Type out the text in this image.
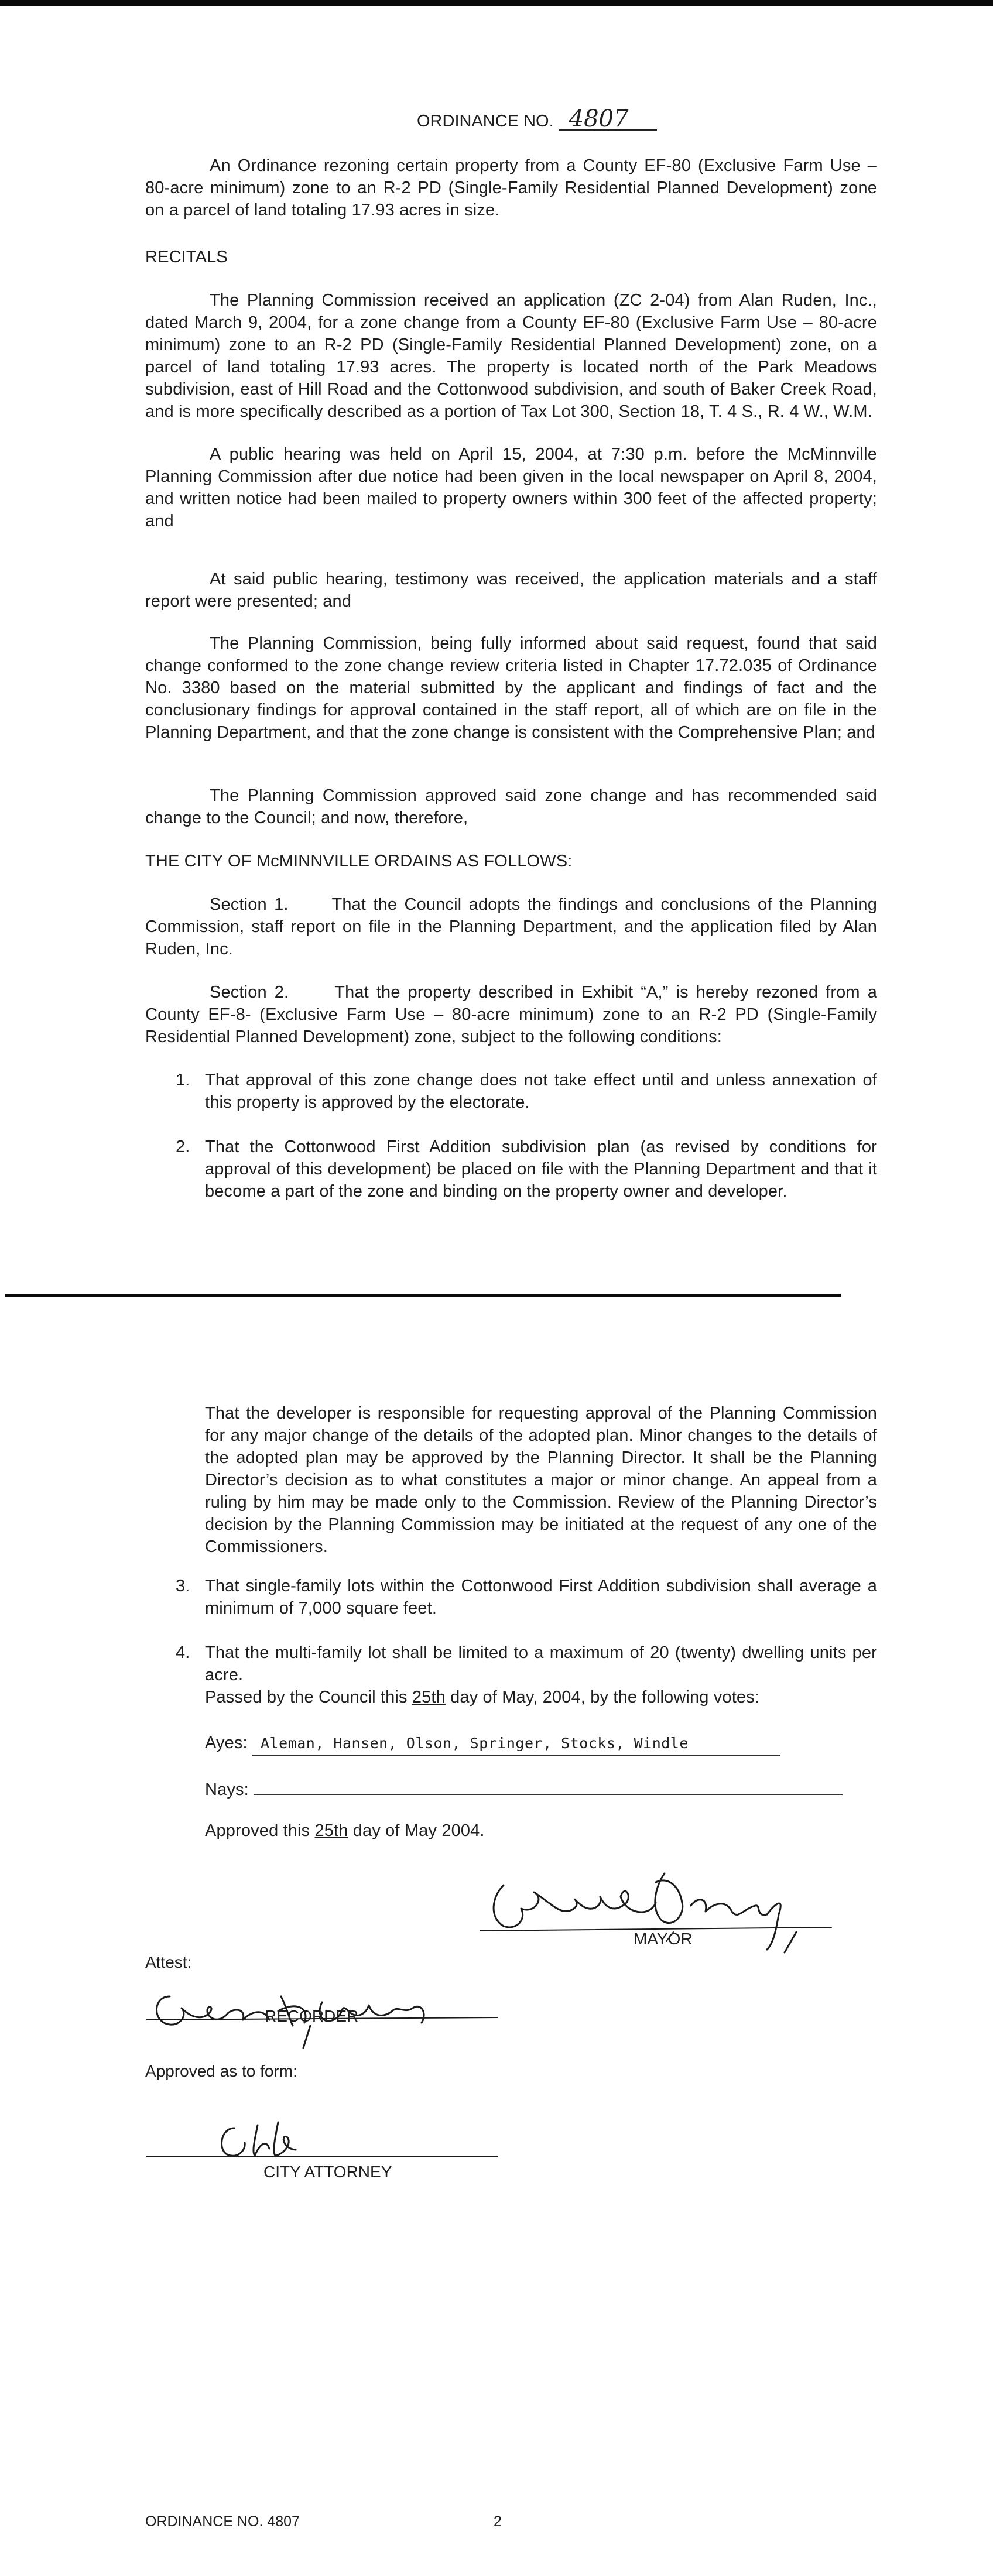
ORDINANCE NO. 4807

An Ordinance rezoning certain property from a County EF-80 (Exclusive Farm Use – 80-acre minimum) zone to an R-2 PD (Single-Family Residential Planned Development) zone on a parcel of land totaling 17.93 acres in size.

RECITALS

The Planning Commission received an application (ZC 2-04) from Alan Ruden, Inc., dated March 9, 2004, for a zone change from a County EF-80 (Exclusive Farm Use – 80-acre minimum) zone to an R-2 PD (Single-Family Residential Planned Development) zone, on a parcel of land totaling 17.93 acres. The property is located north of the Park Meadows subdivision, east of Hill Road and the Cottonwood subdivision, and south of Baker Creek Road, and is more specifically described as a portion of Tax Lot 300, Section 18, T. 4 S., R. 4 W., W.M.

A public hearing was held on April 15, 2004, at 7:30 p.m. before the McMinnville Planning Commission after due notice had been given in the local newspaper on April 8, 2004, and written notice had been mailed to property owners within 300 feet of the affected property; and

At said public hearing, testimony was received, the application materials and a staff report were presented; and

The Planning Commission, being fully informed about said request, found that said change conformed to the zone change review criteria listed in Chapter 17.72.035 of Ordinance No. 3380 based on the material submitted by the applicant and findings of fact and the conclusionary findings for approval contained in the staff report, all of which are on file in the Planning Department, and that the zone change is consistent with the Comprehensive Plan; and

The Planning Commission approved said zone change and has recommended said change to the Council; and now, therefore,

THE CITY OF McMINNVILLE ORDAINS AS FOLLOWS:

Section 1.	That the Council adopts the findings and conclusions of the Planning Commission, staff report on file in the Planning Department, and the application filed by Alan Ruden, Inc.

Section 2.	That the property described in Exhibit “A,” is hereby rezoned from a County EF-8- (Exclusive Farm Use – 80-acre minimum) zone to an R-2 PD (Single-Family Residential Planned Development) zone, subject to the following conditions:

1. That approval of this zone change does not take effect until and unless annexation of this property is approved by the electorate.
2. That the Cottonwood First Addition subdivision plan (as revised by conditions for approval of this development) be placed on file with the Planning Department and that it become a part of the zone and binding on the property owner and developer.

That the developer is responsible for requesting approval of the Planning Commission for any major change of the details of the adopted plan. Minor changes to the details of the adopted plan may be approved by the Planning Director. It shall be the Planning Director’s decision as to what constitutes a major or minor change. An appeal from a ruling by him may be made only to the Commission. Review of the Planning Director’s decision by the Planning Commission may be initiated at the request of any one of the Commissioners.

3. That single-family lots within the Cottonwood First Addition subdivision shall average a minimum of 7,000 square feet.
4. That the multi-family lot shall be limited to a maximum of 20 (twenty) dwelling units per acre.

Passed by the Council this 25th day of May, 2004, by the following votes:

Ayes: Aleman, Hansen, Olson, Springer, Stocks, Windle

Nays:

Approved this 25th day of May 2004.

MAYOR
Attest:
RECORDER
Approved as to form:
CITY ATTORNEY
ORDINANCE NO. 4807	2
